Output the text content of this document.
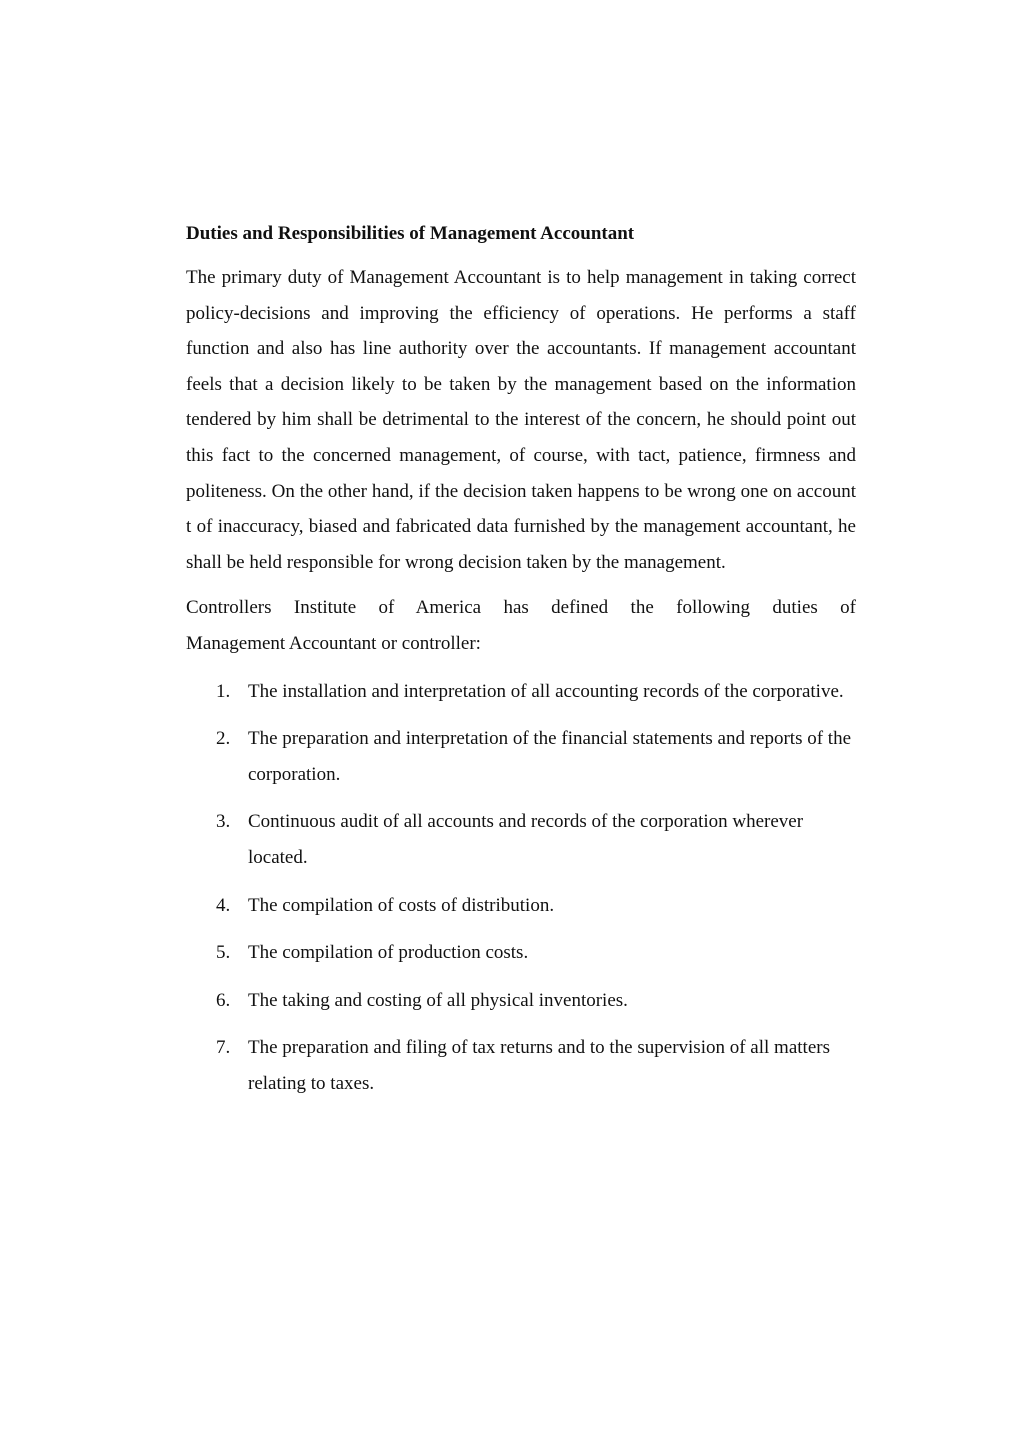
Duties and Responsibilities of Management Accountant

The primary duty of Management Accountant is to help management in taking correct policy-decisions and improving the efficiency of operations. He performs a staff function and also has line authority over the accountants. If management accountant feels that a decision likely to be taken by the management based on the information tendered by him shall be detrimental to the interest of the concern, he should point out this fact to the concerned management, of course, with tact, patience, firmness and politeness. On the other hand, if the decision taken happens to be wrong one on account t of inaccuracy, biased and fabricated data furnished by the management accountant, he shall be held responsible for wrong decision taken by the management.

Controllers Institute of America has defined the following duties of
Management Accountant or controller:

1. The installation and interpretation of all accounting records of the corporative.
2. The preparation and interpretation of the financial statements and reports of the corporation.
3. Continuous audit of all accounts and records of the corporation wherever located.
4. The compilation of costs of distribution.
5. The compilation of production costs.
6. The taking and costing of all physical inventories.
7. The preparation and filing of tax returns and to the supervision of all matters relating to taxes.
